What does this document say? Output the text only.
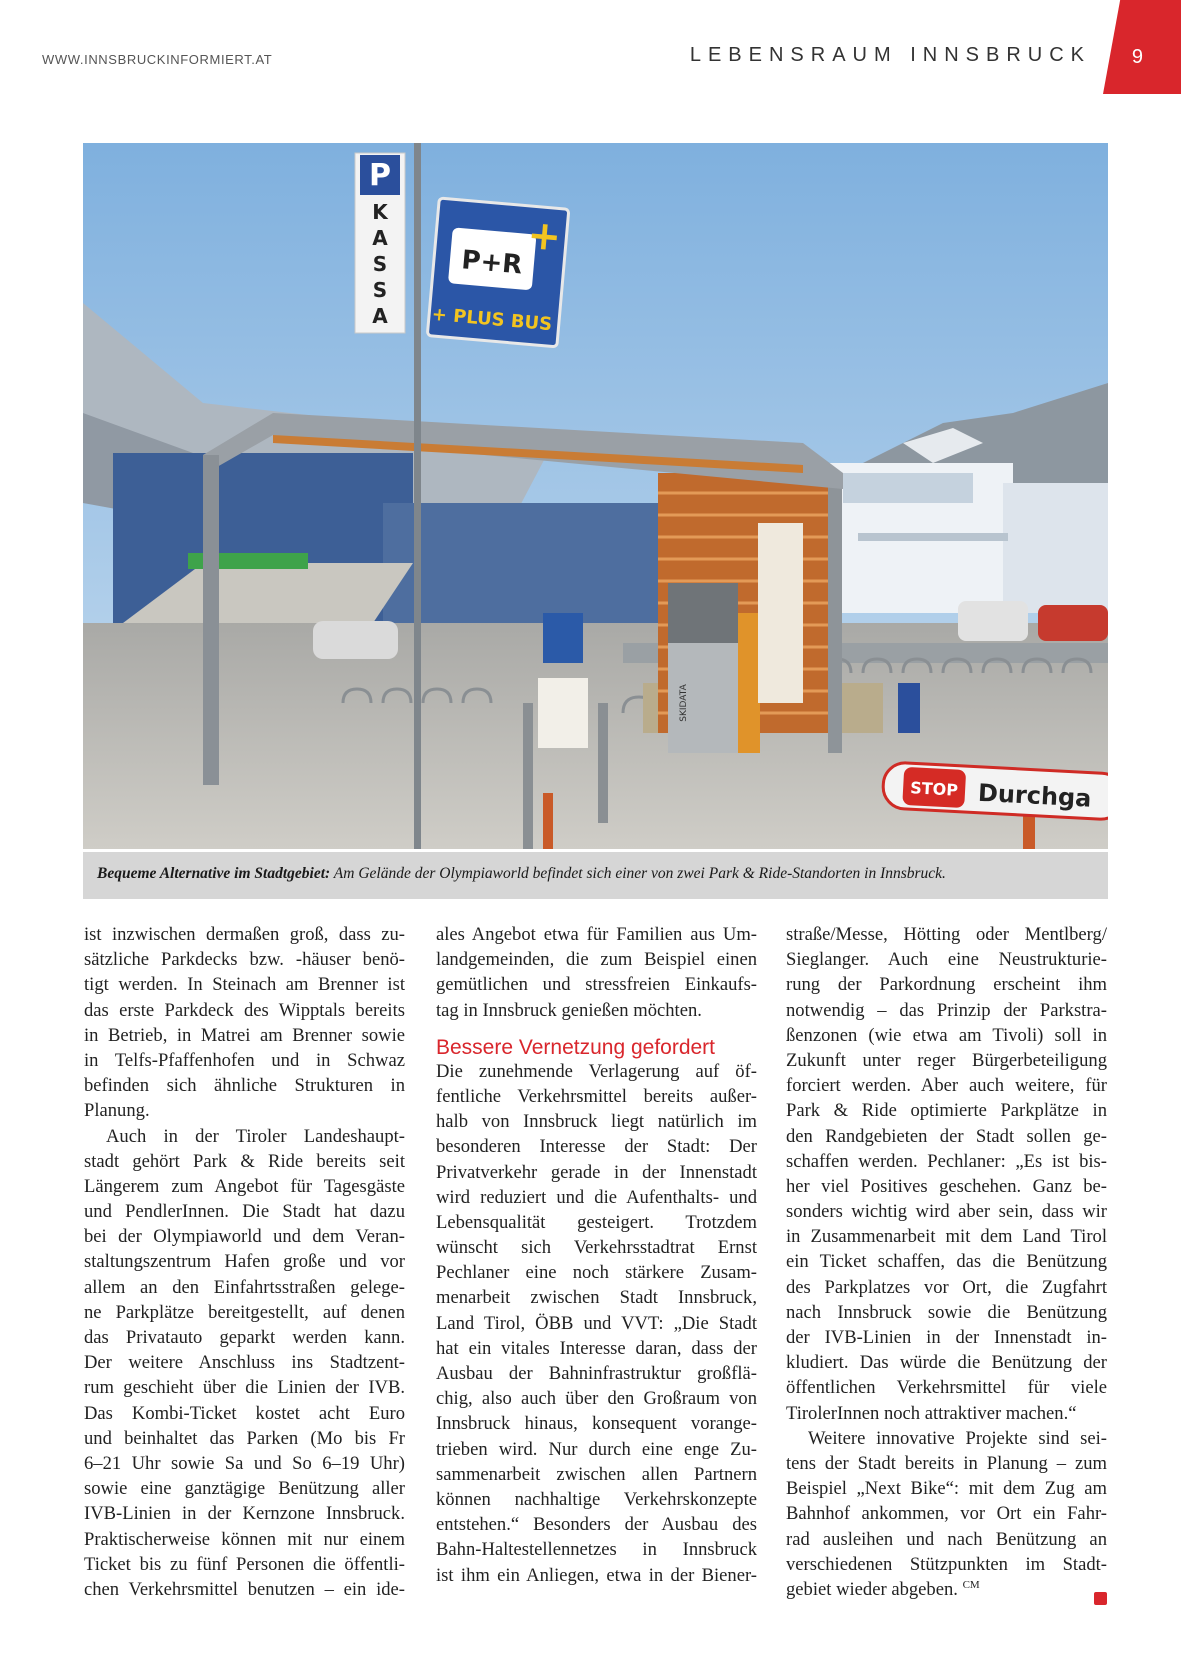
WWW.INNSBRUCKINFORMIERT.AT	LEBENSRAUM INNSBRUCK 9
P
K
A
S
S
A
P+R
+
+ PLUS BUS
STOP Durchga
SKIDATA
Bequeme Alternative im Stadtgebiet: Am Gelände der Olympiaworld befindet sich einer von zwei Park & Ride-Standorten in Innsbruck.
ist inzwischen dermaßen groß, dass zu-
sätzliche Parkdecks bzw. -häuser benö-
tigt werden. In Steinach am Brenner ist
das erste Parkdeck des Wipptals bereits
in Betrieb, in Matrei am Brenner sowie
in Telfs-Pfaffenhofen und in Schwaz
befinden sich ähnliche Strukturen in
Planung.
Auch in der Tiroler Landeshaupt-
stadt gehört Park & Ride bereits seit
Längerem zum Angebot für Tagesgäste
und PendlerInnen. Die Stadt hat dazu
bei der Olympiaworld und dem Veran-
staltungszentrum Hafen große und vor
allem an den Einfahrtsstraßen gelege-
ne Parkplätze bereitgestellt, auf denen
das Privatauto geparkt werden kann.
Der weitere Anschluss ins Stadtzent-
rum geschieht über die Linien der IVB.
Das Kombi-Ticket kostet acht Euro
und beinhaltet das Parken (Mo bis Fr
6–21 Uhr sowie Sa und So 6–19 Uhr)
sowie eine ganztägige Benützung aller
IVB-Linien in der Kernzone Innsbruck.
Praktischerweise können mit nur einem
Ticket bis zu fünf Personen die öffentli-
chen Verkehrsmittel benutzen – ein ide-
ales Angebot etwa für Familien aus Um-
landgemeinden, die zum Beispiel einen
gemütlichen und stressfreien Einkaufs-
tag in Innsbruck genießen möchten.
Bessere Vernetzung gefordert
Die zunehmende Verlagerung auf öf-
fentliche Verkehrsmittel bereits außer-
halb von Innsbruck liegt natürlich im
besonderen Interesse der Stadt: Der
Privatverkehr gerade in der Innenstadt
wird reduziert und die Aufenthalts- und
Lebensqualität gesteigert. Trotzdem
wünscht sich Verkehrsstadtrat Ernst
Pechlaner eine noch stärkere Zusam-
menarbeit zwischen Stadt Innsbruck,
Land Tirol, ÖBB und VVT: „Die Stadt
hat ein vitales Interesse daran, dass der
Ausbau der Bahninfrastruktur großflä-
chig, also auch über den Großraum von
Innsbruck hinaus, konsequent vorange-
trieben wird. Nur durch eine enge Zu-
sammenarbeit zwischen allen Partnern
können nachhaltige Verkehrskonzepte
entstehen.“ Besonders der Ausbau des
Bahn-Haltestellennetzes in Innsbruck
ist ihm ein Anliegen, etwa in der Biener-
straße/Messe, Hötting oder Mentlberg/
Sieglanger. Auch eine Neustrukturie-
rung der Parkordnung erscheint ihm
notwendig – das Prinzip der Parkstra-
ßenzonen (wie etwa am Tivoli) soll in
Zukunft unter reger Bürgerbeteiligung
forciert werden. Aber auch weitere, für
Park & Ride optimierte Parkplätze in
den Randgebieten der Stadt sollen ge-
schaffen werden. Pechlaner: „Es ist bis-
her viel Positives geschehen. Ganz be-
sonders wichtig wird aber sein, dass wir
in Zusammenarbeit mit dem Land Tirol
ein Ticket schaffen, das die Benützung
des Parkplatzes vor Ort, die Zugfahrt
nach Innsbruck sowie die Benützung
der IVB-Linien in der Innenstadt in-
kludiert. Das würde die Benützung der
öffentlichen Verkehrsmittel für viele
TirolerInnen noch attraktiver machen.“
Weitere innovative Projekte sind sei-
tens der Stadt bereits in Planung – zum
Beispiel „Next Bike“: mit dem Zug am
Bahnhof ankommen, vor Ort ein Fahr-
rad ausleihen und nach Benützung an
verschiedenen Stützpunkten im Stadt-
gebiet wieder abgeben. $^{CM}$
